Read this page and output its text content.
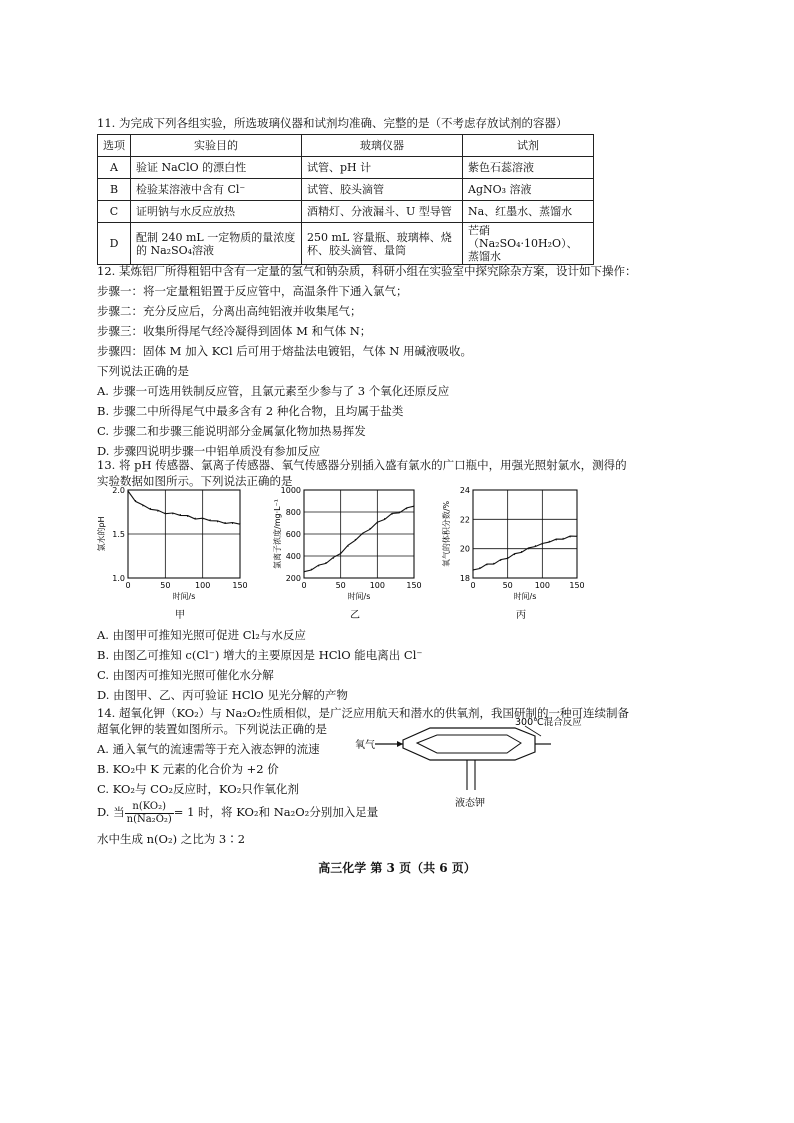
11. 为完成下列各组实验，所选玻璃仪器和试剂均准确、完整的是（不考虑存放试剂的容器）
选项	实验目的	玻璃仪器	试剂
A	验证 NaClO 的漂白性	试管、pH 计	紫色石蕊溶液
B	检验某溶液中含有 Cl⁻	试管、胶头滴管	AgNO₃ 溶液
C	证明钠与水反应放热	酒精灯、分液漏斗、U 型导管	Na、红墨水、蒸馏水
D	配制 240 mL 一定物质的量浓度的 Na₂SO₄溶液	250 mL 容量瓶、玻璃棒、烧杯、胶头滴管、量筒	芒硝（Na₂SO₄·10H₂O）、蒸馏水
12. 某炼铝厂所得粗铝中含有一定量的氢气和钠杂质，科研小组在实验室中探究除杂方案，设计如下操作：
步骤一：将一定量粗铝置于反应管中，高温条件下通入氯气；
步骤二：充分反应后，分离出高纯铝液并收集尾气；
步骤三：收集所得尾气经冷凝得到固体 M 和气体 N；
步骤四：固体 M 加入 KCl 后可用于熔盐法电镀铝，气体 N 用碱液吸收。
下列说法正确的是
A. 步骤一可选用铁制反应管，且氯元素至少参与了 3 个氧化还原反应
B. 步骤二中所得尾气中最多含有 2 种化合物，且均属于盐类
C. 步骤二和步骤三能说明部分金属氯化物加热易挥发
D. 步骤四说明步骤一中铝单质没有参加反应
13. 将 pH 传感器、氯离子传感器、氧气传感器分别插入盛有氯水的广口瓶中，用强光照射氯水，测得的
实验数据如图所示。下列说法正确的是
0	50	100	150
1.0
1.5
2.0
时间/s
氯水的pH
甲
0	50	100	150
200
400
600
800
1000
时间/s
氯离子浓度/mg·L⁻¹
乙
0	50	100 150
18
20
22
24
时间/s
氧气的体积分数/%
丙
A. 由图甲可推知光照可促进 Cl₂与水反应
B. 由图乙可推知 c(Cl⁻) 增大的主要原因是 HClO 能电离出 Cl⁻
C. 由图丙可推知光照可催化水分解
D. 由图甲、乙、丙可验证 HClO 见光分解的产物
14. 超氧化钾（KO₂）与 Na₂O₂性质相似，是广泛应用航天和潜水的供氧剂，我国研制的一种可连续制备
超氧化钾的装置如图所示。下列说法正确的是
A. 通入氧气的流速需等于充入液态钾的流速
B. KO₂中 K 元素的化合价为 +2 价
C. KO₂与 CO₂反应时，KO₂只作氧化剂
D. 当 $\frac{\text{n(KO₂)}}{\text{n(Na₂O₂)}} = 1$ 时，将 KO₂和 Na₂O₂分别加入足量
水中生成 n(O₂) 之比为 3∶2
氧气
300℃混合反应
液态钾
高三化学 第 3 页（共 6 页）
